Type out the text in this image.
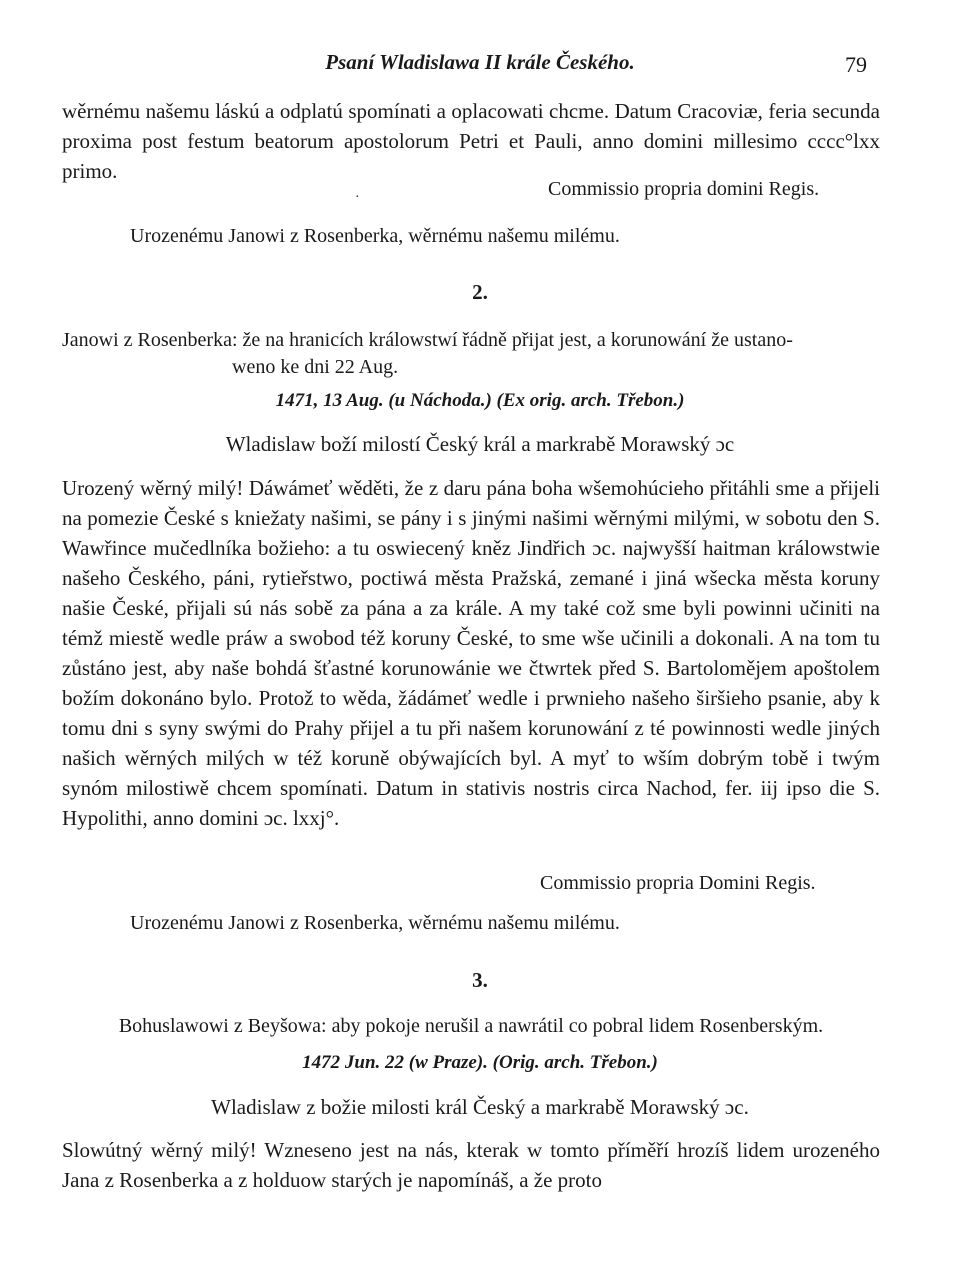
Psaní Wladislawa II krále Českého.	79
wěrnému našemu láskú a odplatú spomínati a oplacowati chcme. Datum Cracoviæ, feria secunda proxima post festum beatorum apostolorum Petri et Pauli, anno domini millesimo cccc°lxx primo.
·	Commissio propria domini Regis.
Urozenému Janowi z Rosenberka, wěrnému našemu milému.
2.
Janowi z Rosenberka: že na hranicích králowstwí řádně přijat jest, a korunowání že ustano-
weno ke dni 22 Aug.
1471, 13 Aug. (u Náchoda.) (Ex orig. arch. Třebon.)
Wladislaw boží milostí Český král a markrabě Morawský ɔc
Urozený wěrný milý! Dáwámeť wěděti, že z daru pána boha wšemohúcieho přitáhli sme a přijeli na pomezie České s kniežaty našimi, se pány i s jinými našimi wěrnými milými, w sobotu den S. Wawřince mučedlníka božieho: a tu oswiecený kněz Jindřich ɔc. najwyšší haitman králowstwie našeho Českého, páni, rytieřstwo, poctiwá města Pražská, zemané i jiná wšecka města koruny našie České, přijali sú nás sobě za pána a za krále. A my také což sme byli powinni učiniti na témž miestě wedle práw a swobod též koruny České, to sme wše učinili a dokonali. A na tom tu zůstáno jest, aby naše bohdá šťastné korunowánie we čtwrtek před S. Bartolomějem apoštolem božím dokonáno bylo. Protož to wěda, žádámeť wedle i prwnieho našeho širšieho psanie, aby k tomu dni s syny swými do Prahy přijel a tu při našem korunowání z té powinnosti wedle jiných našich wěrných milých w též koruně obýwajících byl. A myť to wším dobrým tobě i twým synóm milostiwě chcem spomínati. Datum in stativis nostris circa Nachod, fer. iij ipso die S. Hypolithi, anno domini ɔc. lxxj°.
Commissio propria Domini Regis.
Urozenému Janowi z Rosenberka, wěrnému našemu milému.
3.
Bohuslawowi z Beyšowa: aby pokoje nerušil a nawrátil co pobral lidem Rosenberským.
1472 Jun. 22 (w Praze). (Orig. arch. Třebon.)
Wladislaw z božie milosti král Český a markrabě Morawský ɔc.
Slowútný wěrný milý! Wzneseno jest na nás, kterak w tomto příměří hrozíš lidem urozeného Jana z Rosenberka a z holduow starých je napomínáš, a že proto
